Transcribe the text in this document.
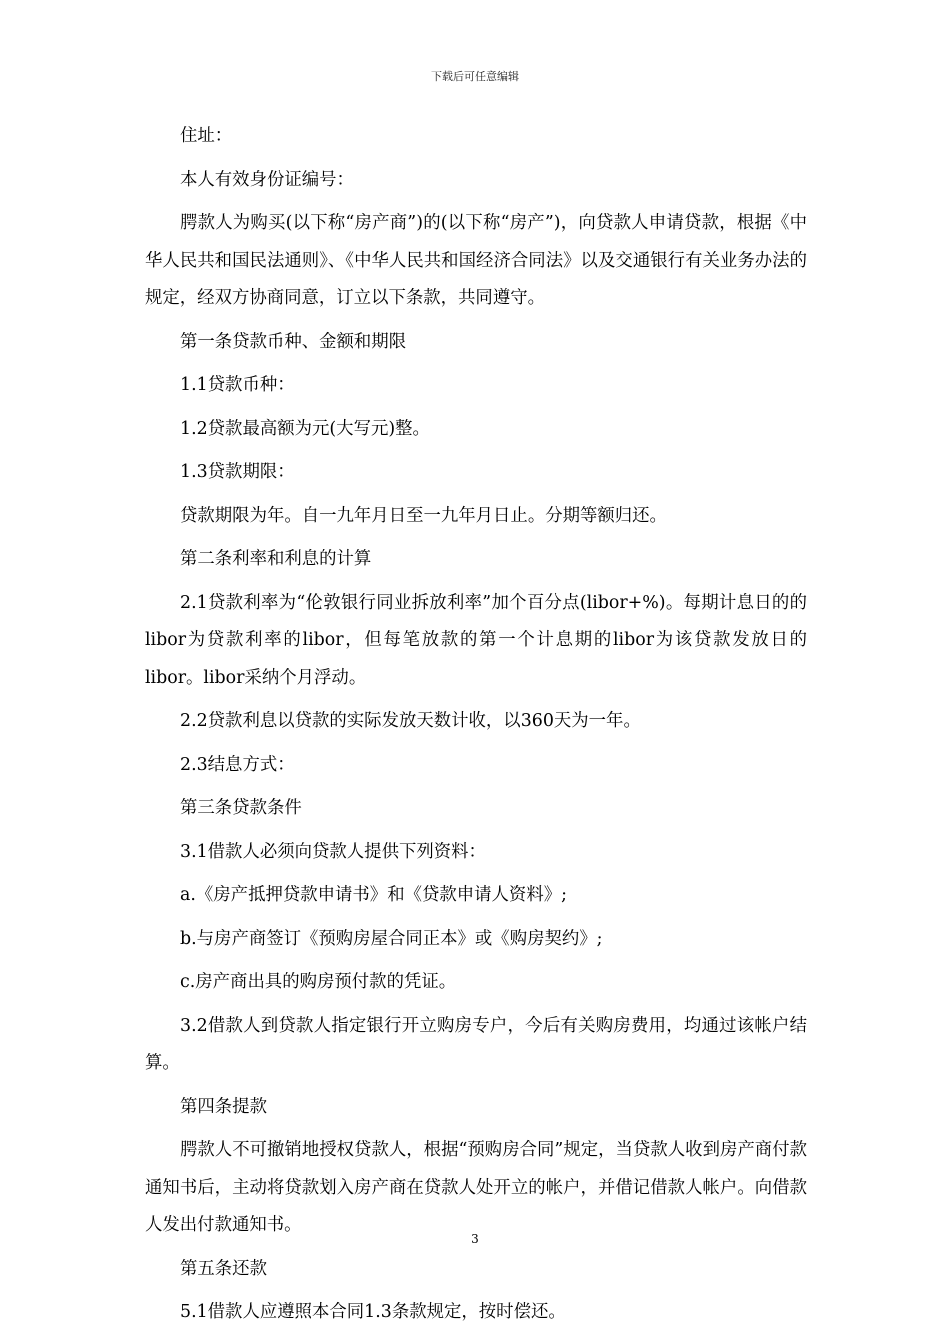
下载后可任意编辑

住址：

本人有效身份证编号：

腭款人为购买(以下称“房产商”)的(以下称“房产”)，向贷款人申请贷款，根据《中华人民共和国民法通则》、《中华人民共和国经济合同法》以及交通银行有关业务办法的规定，经双方协商同意，订立以下条款，共同遵守。

第一条贷款币种、金额和期限

1.1贷款币种：

1.2贷款最高额为元(大写元)整。

1.3贷款期限：

贷款期限为年。自一九年月日至一九年月日止。分期等额归还。

第二条利率和利息的计算

2.1贷款利率为“伦敦银行同业拆放利率”加个百分点(libor+%)。每期计息日的的libor为贷款利率的libor，但每笔放款的第一个计息期的libor为该贷款发放日的libor。libor采纳个月浮动。

2.2贷款利息以贷款的实际发放天数计收，以360天为一年。

2.3结息方式：

第三条贷款条件

3.1借款人必须向贷款人提供下列资料：

a.《房产抵押贷款申请书》和《贷款申请人资料》;

b.与房产商签订《预购房屋合同正本》或《购房契约》;

c.房产商出具的购房预付款的凭证。

3.2借款人到贷款人指定银行开立购房专户，今后有关购房费用，均通过该帐户结算。

第四条提款

腭款人不可撤销地授权贷款人，根据“预购房合同”规定，当贷款人收到房产商付款通知书后，主动将贷款划入房产商在贷款人处开立的帐户，并借记借款人帐户。向借款人发出付款通知书。

第五条还款

5.1借款人应遵照本合同1.3条款规定，按时偿还。

3
